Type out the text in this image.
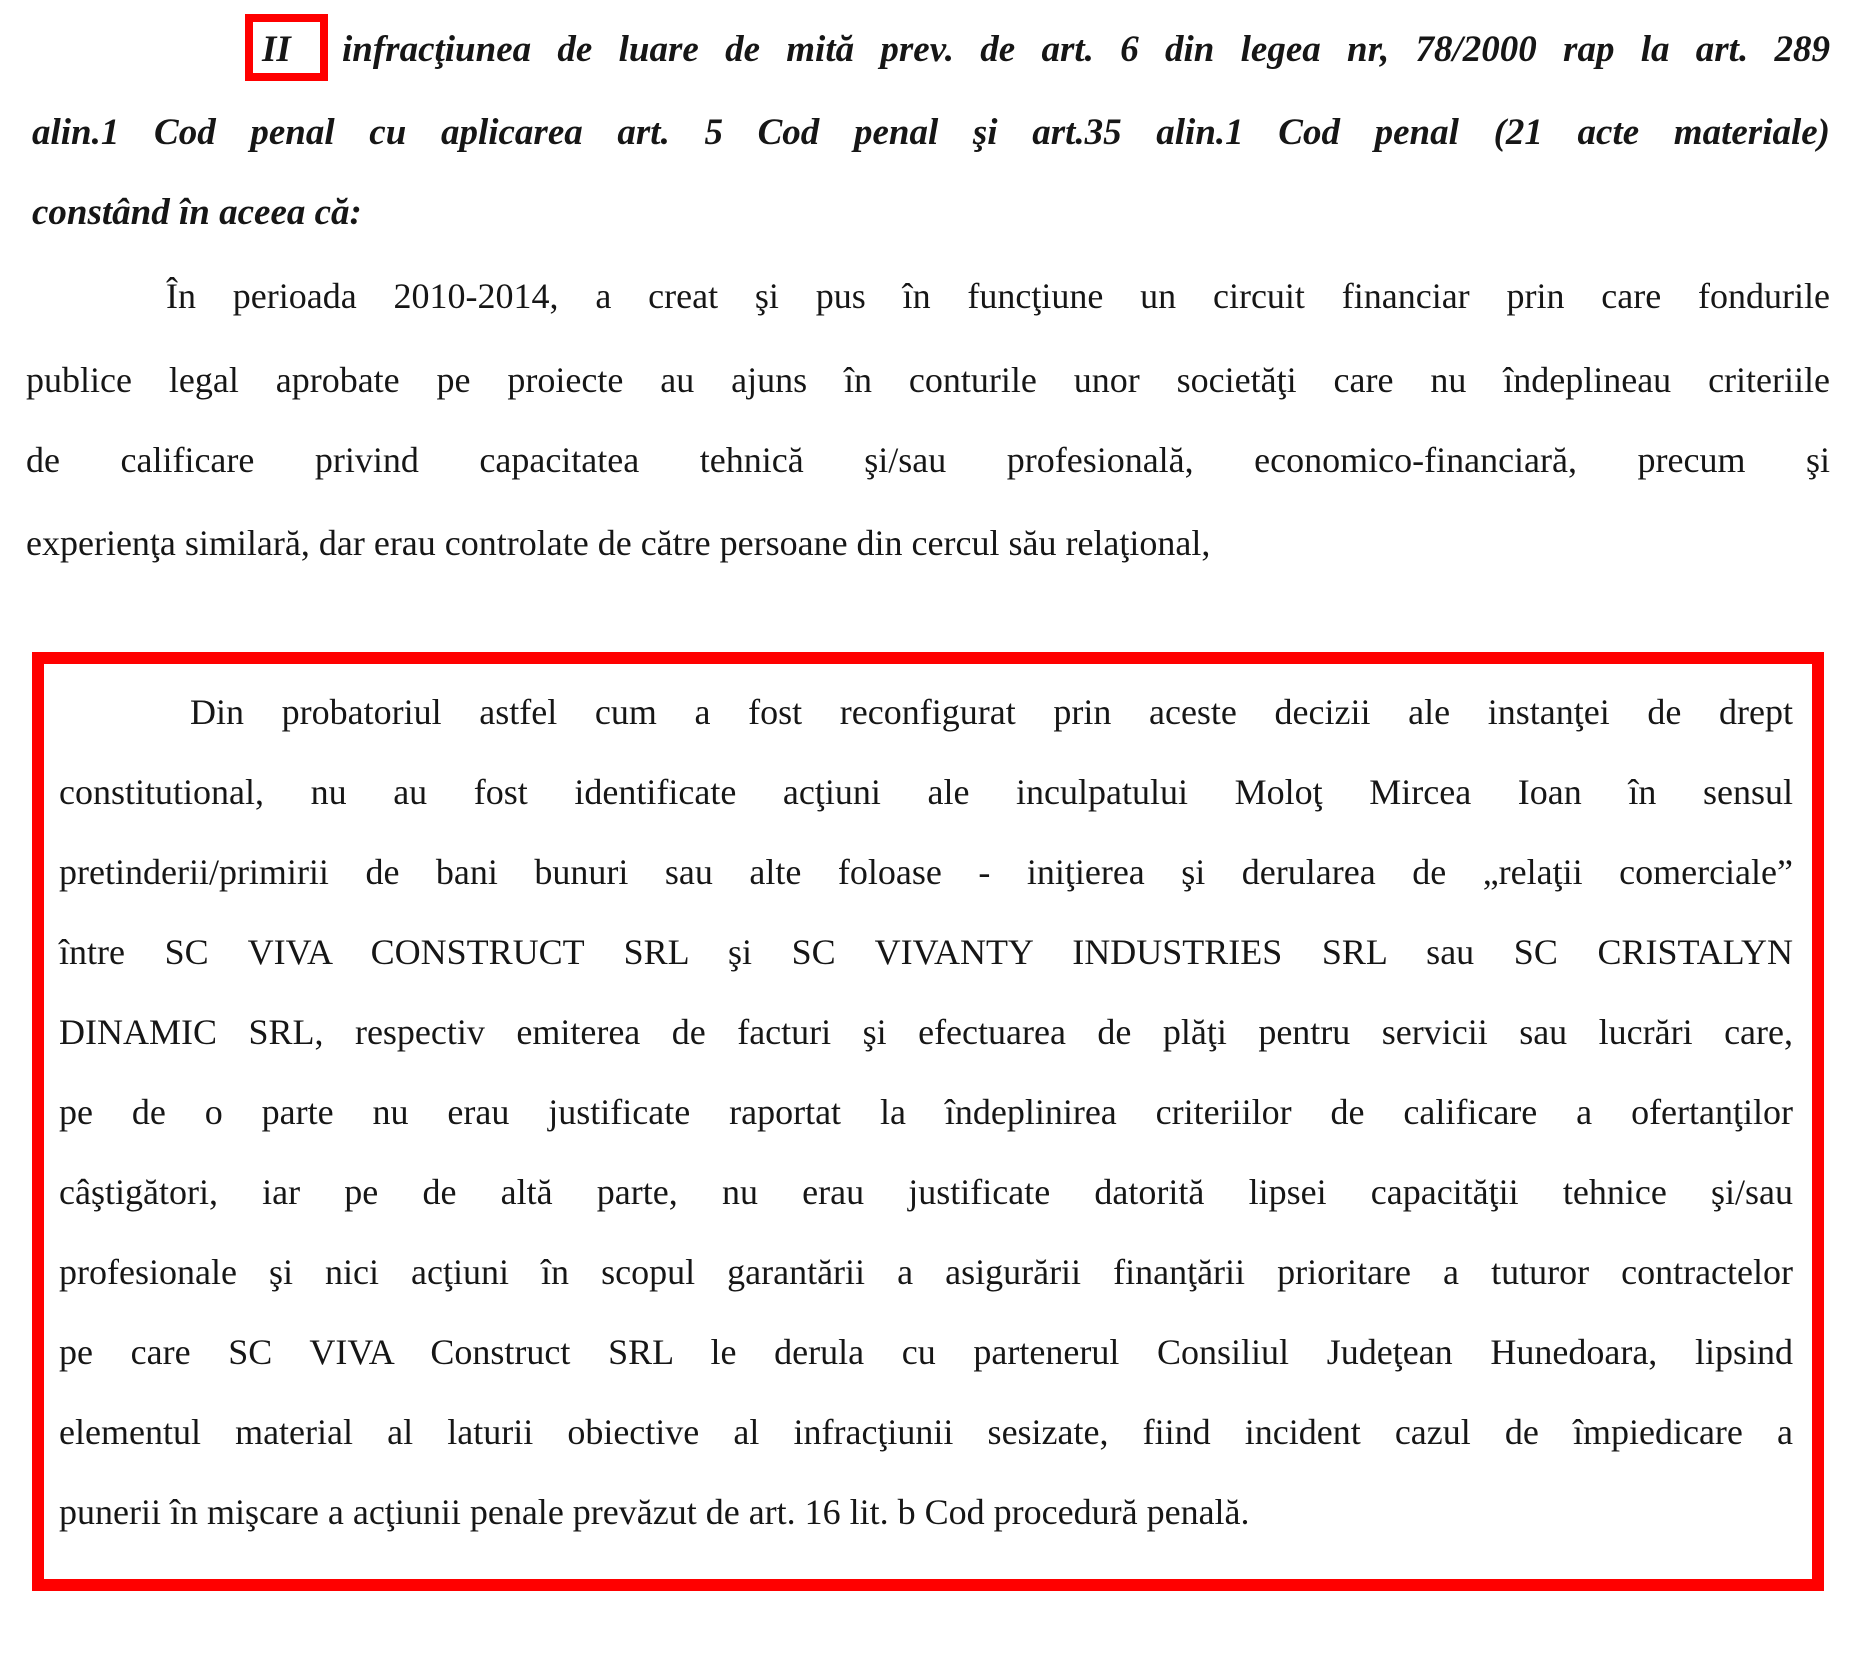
II infracţiunea de luare de mită prev. de art. 6 din legea nr, 78/2000 rap la art. 289
alin.1 Cod penal cu aplicarea art. 5 Cod penal şi art.35 alin.1 Cod penal (21 acte materiale)
constând în aceea că:
În perioada 2010-2014, a creat şi pus în funcţiune un circuit financiar prin care fondurile
publice legal aprobate pe proiecte au ajuns în conturile unor societăţi care nu îndeplineau criteriile
de calificare privind capacitatea tehnică şi/sau profesională, economico-financiară, precum şi
experienţa similară, dar erau controlate de către persoane din cercul său relaţional,
Din probatoriul astfel cum a fost reconfigurat prin aceste decizii ale instanţei de drept
constitutional, nu au fost identificate acţiuni ale inculpatului Moloţ Mircea Ioan în sensul
pretinderii/primirii de bani bunuri sau alte foloase - iniţierea şi derularea de „relaţii comerciale”
între SC VIVA CONSTRUCT SRL şi SC VIVANTY INDUSTRIES SRL sau SC CRISTALYN
DINAMIC SRL, respectiv emiterea de facturi şi efectuarea de plăţi pentru servicii sau lucrări care,
pe de o parte nu erau justificate raportat la îndeplinirea criteriilor de calificare a ofertanţilor
câştigători, iar pe de altă parte, nu erau justificate datorită lipsei capacităţii tehnice şi/sau
profesionale şi nici acţiuni în scopul garantării a asigurării finanţării prioritare a tuturor contractelor
pe care SC VIVA Construct SRL le derula cu partenerul Consiliul Judeţean Hunedoara, lipsind
elementul material al laturii obiective al infracţiunii sesizate, fiind incident cazul de împiedicare a
punerii în mişcare a acţiunii penale prevăzut de art. 16 lit. b Cod procedură penală.
